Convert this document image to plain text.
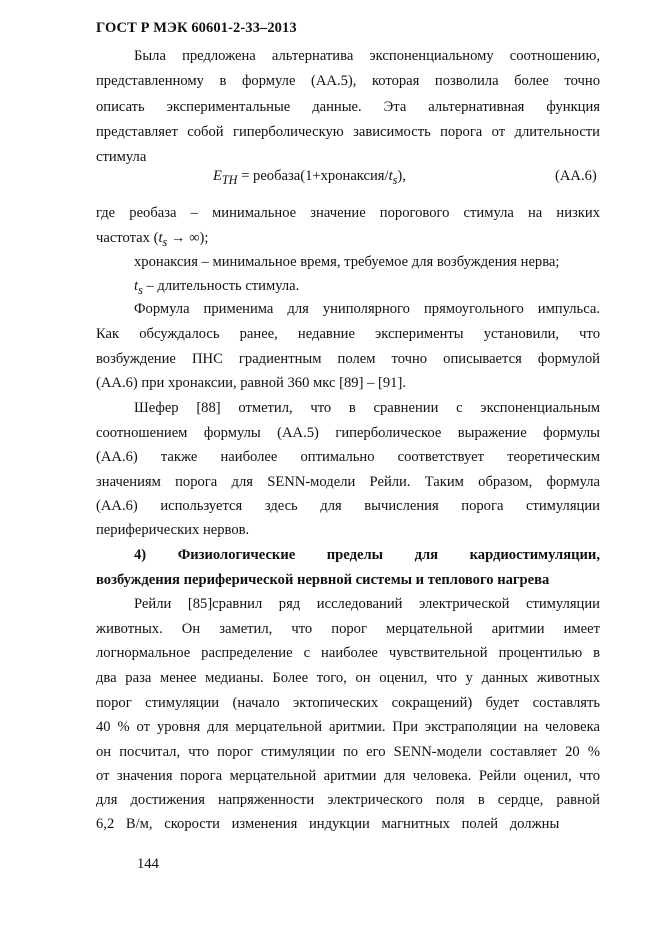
ГОСТ Р МЭК 60601-2-33–2013
Была предложена альтернатива экспоненциальному соотношению,
представленному в формуле (АА.5), которая позволила более точно
описать экспериментальные данные. Эта альтернативная функция
представляет собой гиперболическую зависимость порога от длительности
стимула
$E_{TH}$ = $реобаза(1+хронаксия/t_s)$,	(АА.6)
где реобаза – минимальное значение порогового стимула на низких
частотах ($t_s$ → ∞);
хронаксия – минимальное время, требуемое для возбуждения нерва;
$t_s$ – длительность стимула.
Формула применима для униполярного прямоугольного импульса.
Как обсуждалось ранее, недавние эксперименты установили, что
возбуждение ПНС градиентным полем точно описывается формулой
(АА.6) при хронаксии, равной 360 мкс [89] – [91].
Шефер [88] отметил, что в сравнении с экспоненциальным
соотношением формулы (АА.5) гиперболическое выражение формулы
(АА.6) также наиболее оптимально соответствует теоретическим
значениям порога для SENN-модели Рейли. Таким образом, формула
(АА.6) используется здесь для вычисления порога стимуляции
периферических нервов.
4) Физиологические пределы для кардиостимуляции,
возбуждения периферической нервной системы и теплового нагрева
Рейли [85]сравнил ряд исследований электрической стимуляции
животных. Он заметил, что порог мерцательной аритмии имеет
логнормальное распределение с наиболее чувствительной процентилью в
два раза менее медианы. Более того, он оценил, что у данных животных
порог стимуляции (начало эктопических сокращений) будет составлять
40 % от уровня для мерцательной аритмии. При экстраполяции на человека
он посчитал, что порог стимуляции по его SENN-модели составляет 20 %
от значения порога мерцательной аритмии для человека. Рейли оценил, что
для достижения напряженности электрического поля в сердце, равной
6,2 В/м, скорости изменения индукции магнитных полей должны
144
